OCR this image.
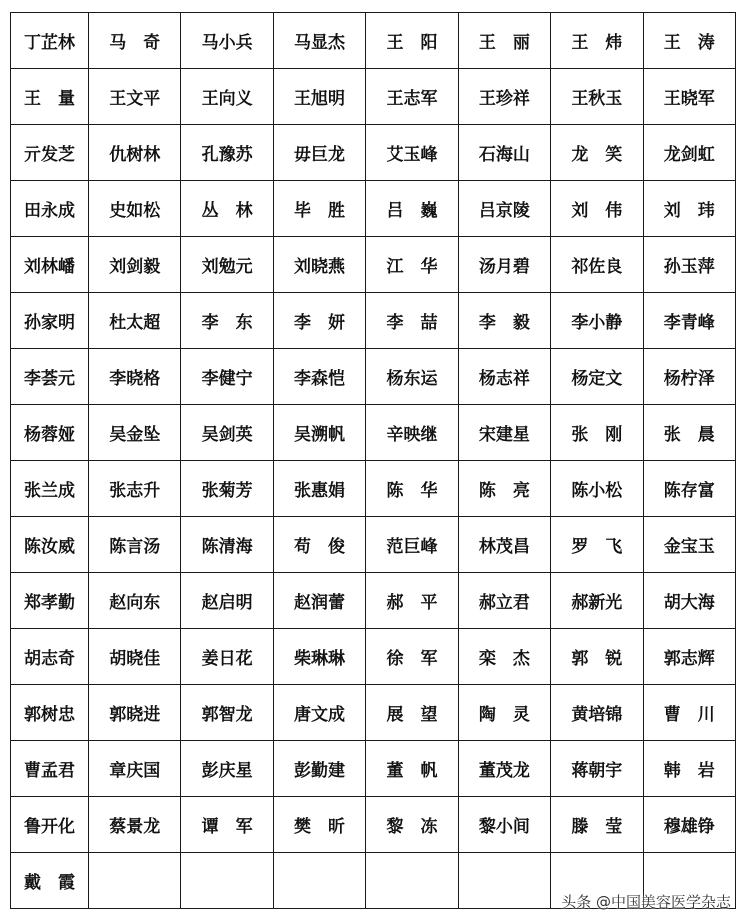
丁芷林	马　奇	马小兵	马显杰	王　阳	王　丽	王　炜	王　涛
王　量	王文平	王向义	王旭明	王志军	王珍祥	王秋玉	王晓军
亓发芝	仇树林	孔豫苏	毋巨龙	艾玉峰	石海山	龙　笑	龙剑虹
田永成	史如松	丛　林	毕　胜	吕　巍	吕京陵	刘　伟	刘　玮
刘林嶓	刘剑毅	刘勉元	刘晓燕	江　华	汤月碧	祁佐良	孙玉萍
孙家明	杜太超	李　东	李　妍	李　喆	李　毅	李小静	李青峰
李荟元	李晓格	李健宁	李森恺	杨东运	杨志祥	杨定文	杨柠泽
杨蓉娅	吴金坠	吴剑英	吴溯帆	辛映继	宋建星	张　刚	张　晨
张兰成	张志升	张菊芳	张惠娟	陈　华	陈　亮	陈小松	陈存富
陈汝威	陈言汤	陈清海	苟　俊	范巨峰	林茂昌	罗　飞	金宝玉
郑孝勤	赵向东	赵启明	赵润蕾	郝　平	郝立君	郝新光	胡大海
胡志奇	胡晓佳	姜日花	柴琳琳	徐　军	栾　杰	郭　锐	郭志辉
郭树忠	郭晓进	郭智龙	唐文成	展　望	陶　灵	黄培锦	曹　川
曹孟君	章庆国	彭庆星	彭勤建	董　帆	董茂龙	蒋朝宇	韩　岩
鲁开化	蔡景龙	谭　军	樊　昕	黎　冻	黎小间	滕　莹	穆雄铮
戴　霞							
头条 @中国美容医学杂志
